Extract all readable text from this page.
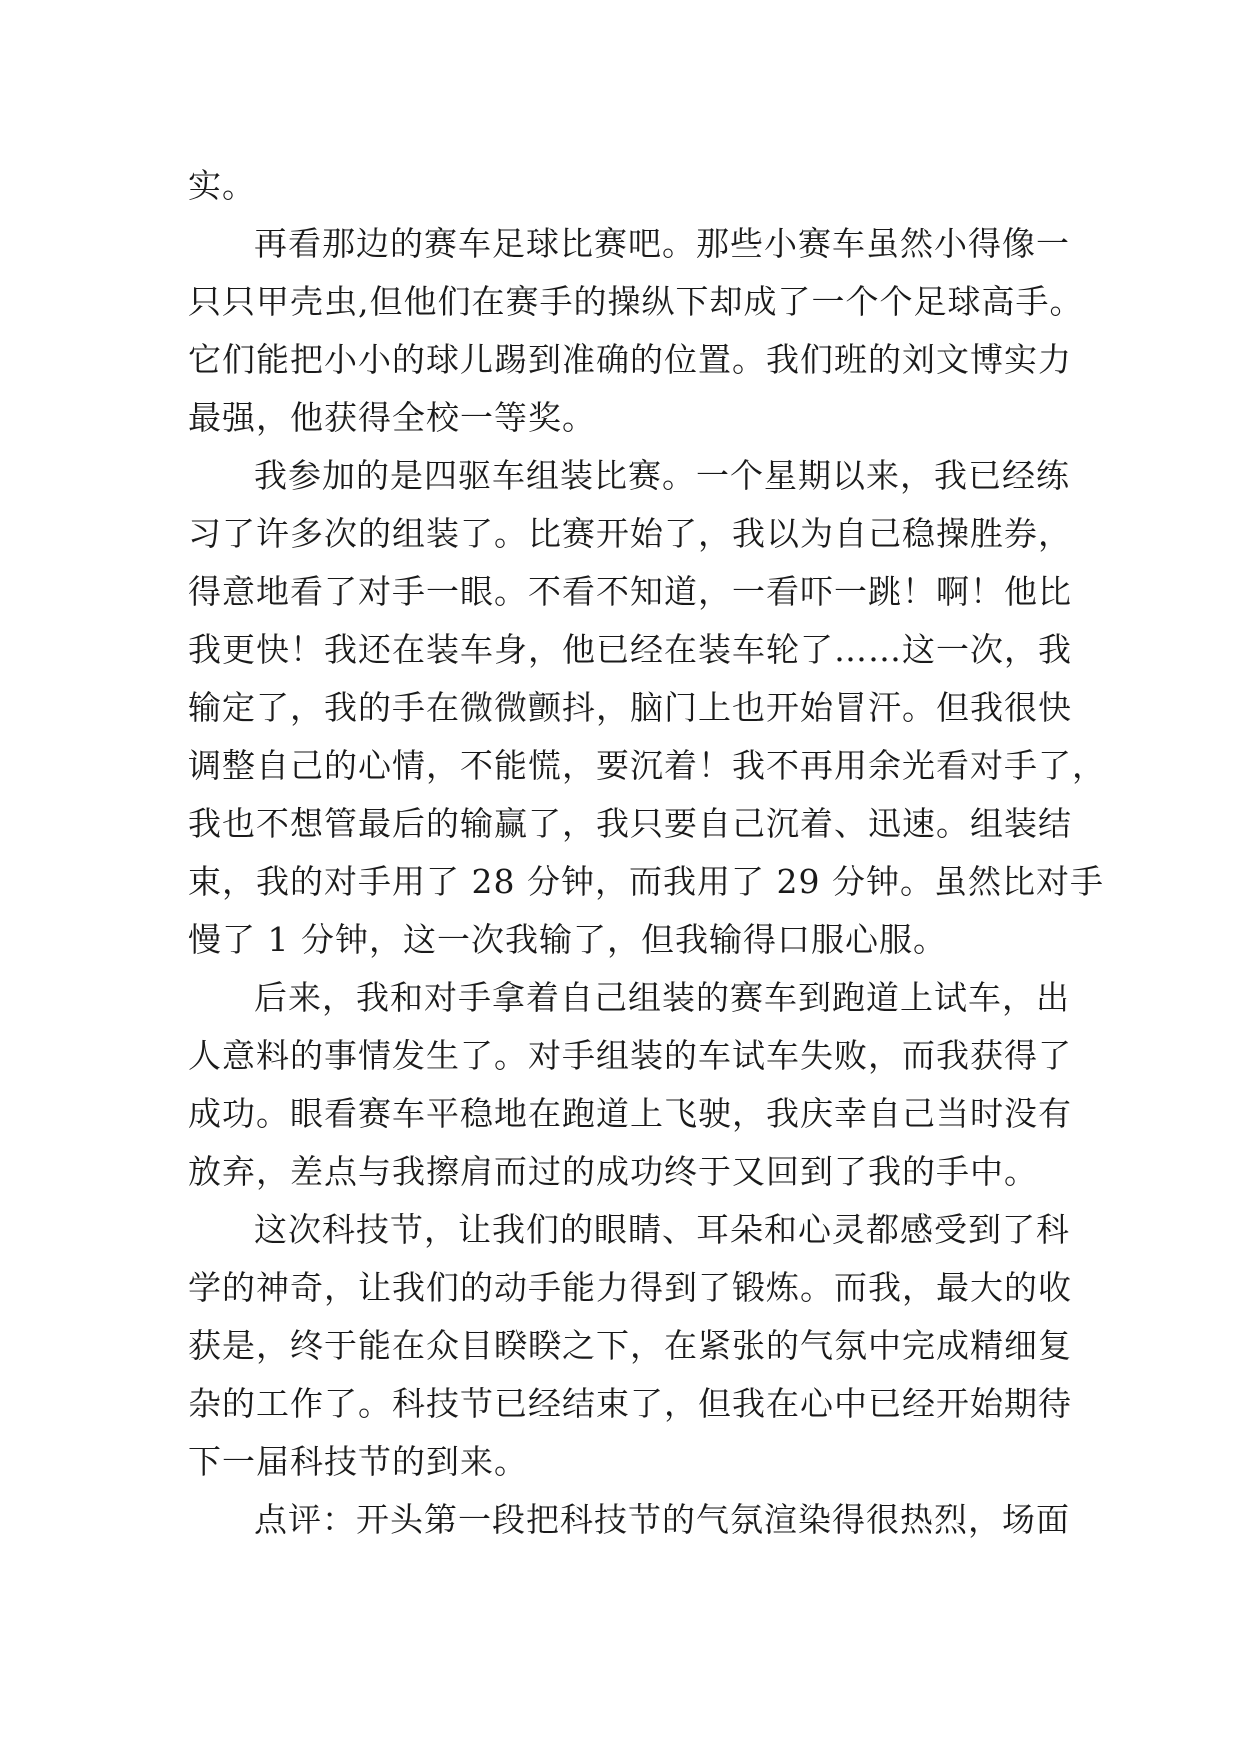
实。
再看那边的赛车足球比赛吧。那些小赛车虽然小得像一
只只甲壳虫,但他们在赛手的操纵下却成了一个个足球高手。
它们能把小小的球儿踢到准确的位置。我们班的刘文博实力
最强，他获得全校一等奖。
我参加的是四驱车组装比赛。一个星期以来，我已经练
习了许多次的组装了。比赛开始了，我以为自己稳操胜券，
得意地看了对手一眼。不看不知道，一看吓一跳！啊！他比
我更快！我还在装车身，他已经在装车轮了……这一次，我
输定了，我的手在微微颤抖，脑门上也开始冒汗。但我很快
调整自己的心情，不能慌，要沉着！我不再用余光看对手了，
我也不想管最后的输赢了，我只要自己沉着、迅速。组装结
束，我的对手用了 28 分钟，而我用了 29 分钟。虽然比对手
慢了 1 分钟，这一次我输了，但我输得口服心服。
后来，我和对手拿着自己组装的赛车到跑道上试车，出
人意料的事情发生了。对手组装的车试车失败，而我获得了
成功。眼看赛车平稳地在跑道上飞驶，我庆幸自己当时没有
放弃，差点与我擦肩而过的成功终于又回到了我的手中。
这次科技节，让我们的眼睛、耳朵和心灵都感受到了科
学的神奇，让我们的动手能力得到了锻炼。而我，最大的收
获是，终于能在众目睽睽之下，在紧张的气氛中完成精细复
杂的工作了。科技节已经结束了，但我在心中已经开始期待
下一届科技节的到来。
点评：开头第一段把科技节的气氛渲染得很热烈，场面
